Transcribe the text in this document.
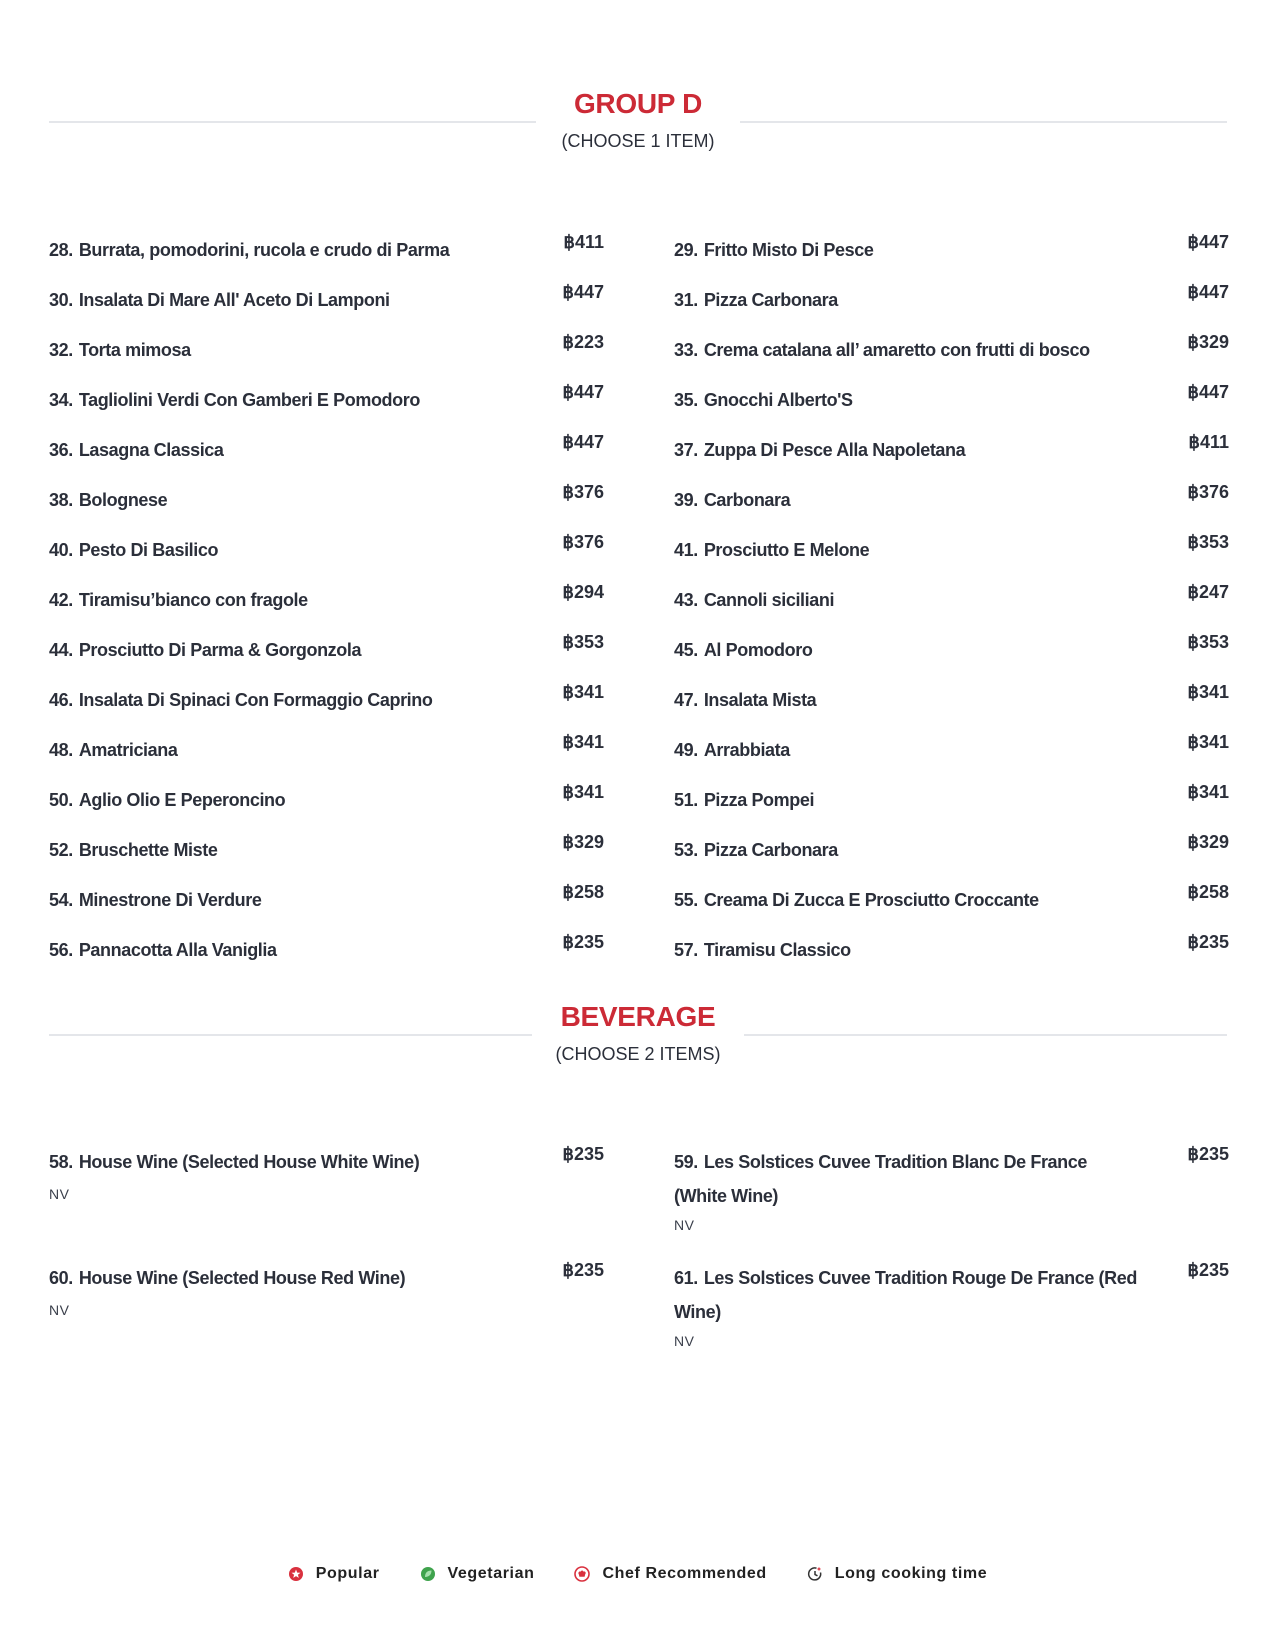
GROUP D
(CHOOSE 1 ITEM)
28. Burrata, pomodorini, rucola e crudo di Parma	฿411	29. Fritto Misto Di Pesce	฿447
30. Insalata Di Mare All' Aceto Di Lamponi	฿447	31. Pizza Carbonara	฿447
32. Torta mimosa	฿223	33. Crema catalana all’ amaretto con frutti di bosco	฿329
34. Tagliolini Verdi Con Gamberi E Pomodoro	฿447	35. Gnocchi Alberto'S	฿447
36. Lasagna Classica	฿447	37. Zuppa Di Pesce Alla Napoletana	฿411
38. Bolognese	฿376	39. Carbonara	฿376
40. Pesto Di Basilico	฿376	41. Prosciutto E Melone	฿353
42. Tiramisu’bianco con fragole	฿294	43. Cannoli siciliani	฿247
44. Prosciutto Di Parma & Gorgonzola	฿353	45. Al Pomodoro	฿353
46. Insalata Di Spinaci Con Formaggio Caprino	฿341	47. Insalata Mista	฿341
48. Amatriciana	฿341	49. Arrabbiata	฿341
50. Aglio Olio E Peperoncino	฿341	51. Pizza Pompei	฿341
52. Bruschette Miste	฿329	53. Pizza Carbonara	฿329
54. Minestrone Di Verdure	฿258	55. Creama Di Zucca E Prosciutto Croccante	฿258
56. Pannacotta Alla Vaniglia	฿235	57. Tiramisu Classico	฿235
BEVERAGE
(CHOOSE 2 ITEMS)
58. House Wine (Selected House White Wine)	฿235
NV
59. Les Solstices Cuvee Tradition Blanc De France (White Wine)
฿235
NV
60. House Wine (Selected House Red Wine)	฿235
NV
61. Les Solstices Cuvee Tradition Rouge De France (Red Wine)
฿235
NV
Popular	Vegetarian	Chef Recommended	Long cooking time
